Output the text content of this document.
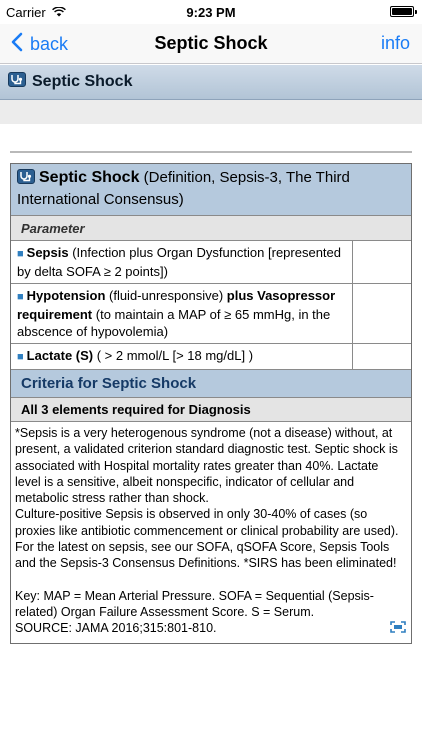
Carrier	9:23 PM
back	Septic Shock	info
Septic Shock
Septic Shock (Definition, Sepsis-3, The Third International Consensus)
Parameter
■ Sepsis (Infection plus Organ Dysfunction [represented by delta SOFA ≥ 2 points])
■ Hypotension (fluid-unresponsive) plus Vasopressor requirement (to maintain a MAP of ≥ 65 mmHg, in the abscence of hypovolemia)
■ Lactate (S) ( > 2 mmol/L [> 18 mg/dL] )
Criteria for Septic Shock
All 3 elements required for Diagnosis

*Sepsis is a very heterogenous syndrome (not a disease) without, at present, a validated criterion standard diagnostic test. Septic shock is associated with Hospital mortality rates greater than 40%. Lactate level is a sensitive, albeit nonspecific, indicator of cellular and metabolic stress rather than shock.

Culture-positive Sepsis is observed in only 30-40% of cases (so proxies like antibiotic commencement or clinical probability are used).

For the latest on sepsis, see our SOFA, qSOFA Score, Sepsis Tools and the Sepsis-3 Consensus Definitions. *SIRS has been eliminated!

Key: MAP = Mean Arterial Pressure. SOFA = Sequential (Sepsis-related) Organ Failure Assessment Score. S = Serum.

SOURCE: JAMA 2016;315:801-810.
